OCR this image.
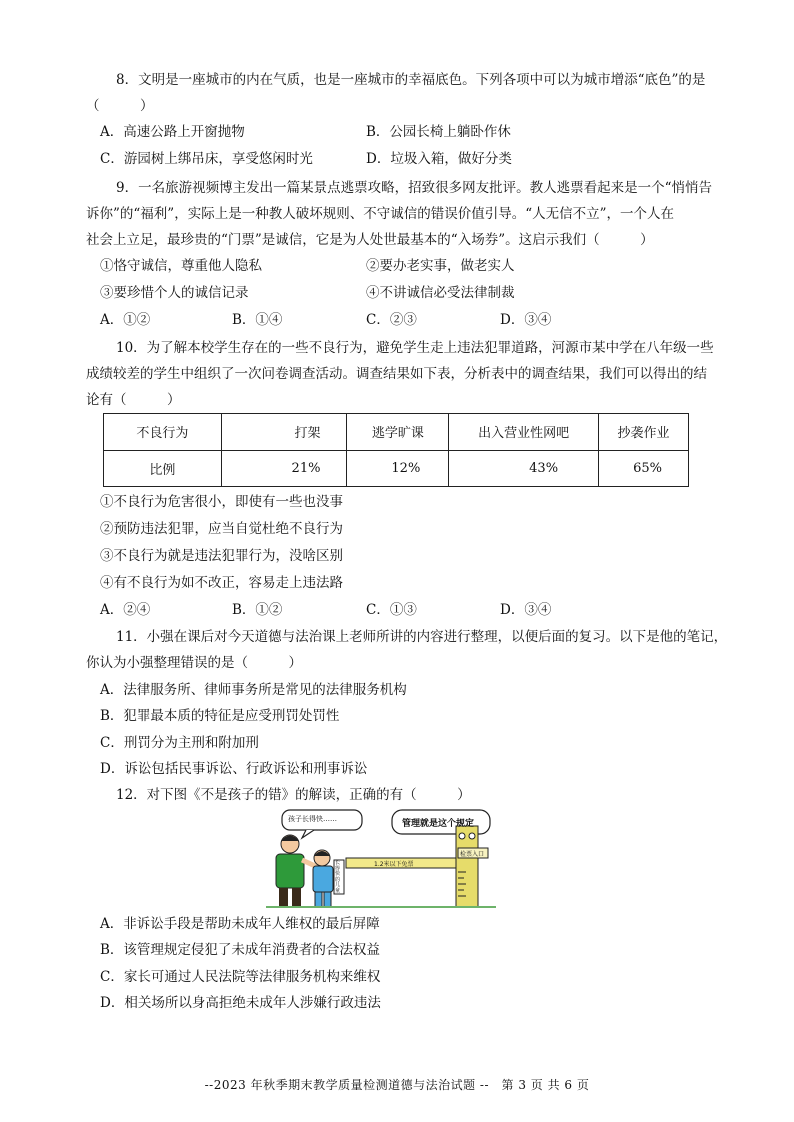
8．文明是一座城市的内在气质，也是一座城市的幸福底色。下列各项中可以为城市增添“底色”的是
（　　　）
A．高速公路上开窗抛物	B．公园长椅上躺卧作休
C．游园树上绑吊床，享受悠闲时光	D．垃圾入箱，做好分类
9．一名旅游视频博主发出一篇某景点逃票攻略，招致很多网友批评。教人逃票看起来是一个“悄悄告
诉你”的“福利”，实际上是一种教人破坏规则、不守诚信的错误价值引导。“人无信不立”，一个人在
社会上立足，最珍贵的“门票”是诚信，它是为人处世最基本的“入场券”。这启示我们（　　　）
①恪守诚信，尊重他人隐私	②要办老实事，做老实人
③要珍惜个人的诚信记录	④不讲诚信必受法律制裁
A．①②	B．①④	C．②③	D．③④
10．为了解本校学生存在的一些不良行为，避免学生走上违法犯罪道路，河源市某中学在八年级一些
成绩较差的学生中组织了一次问卷调查活动。调查结果如下表，分析表中的调查结果，我们可以得出的结
论有（　　　）
不良行为	打架	逃学旷课	出入营业性网吧	抄袭作业
比例	21%	12%	43%	65%
①不良行为危害很小，即使有一些也没事
②预防违法犯罪，应当自觉杜绝不良行为
③不良行为就是违法犯罪行为，没啥区别
④有不良行为如不改正，容易走上违法路
A．②④	B．①②	C．①③	D．③④
11．小强在课后对今天道德与法治课上老师所讲的内容进行整理，以便后面的复习。以下是他的笔记，
你认为小强整理错误的是（　　　）
A．法律服务所、律师事务所是常见的法律服务机构
B．犯罪最本质的特征是应受刑罚处罚性
C．刑罚分为主刑和附加刑
D．诉讼包括民事诉讼、行政诉讼和刑事诉讼
12．对下图《不是孩子的错》的解读，正确的有（　　　）
孩子长得快……	管理就是这个规定
1.2米以下免票
检票入口
长得快的儿童
A．非诉讼手段是帮助未成年人维权的最后屏障
B．该管理规定侵犯了未成年消费者的合法权益
C．家长可通过人民法院等法律服务机构来维权
D．相关场所以身高拒绝未成年人涉嫌行政违法
--2023 年秋季期末教学质量检测道德与法治试题 --　第 3 页 共 6 页
